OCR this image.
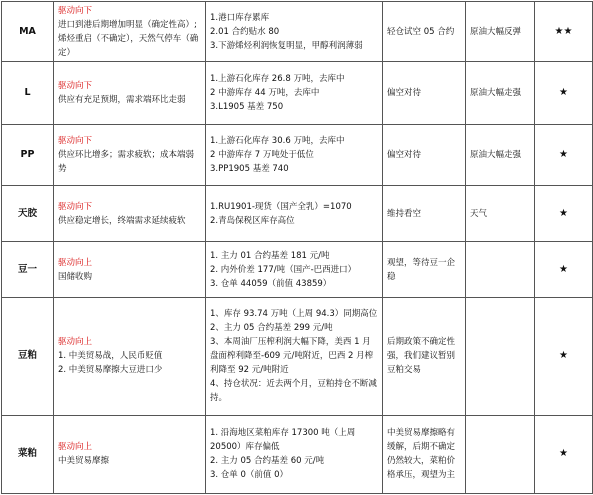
MA	驱动向下
进口到港后期增加明显（确定性高）;
烯烃重启（不确定），天然气停车（确定）	1.港口库存累库
2.01 合约贴水 80
3.下游烯烃利润恢复明显，甲醇利润薄弱	轻仓试空 05 合约	原油大幅反弹	★★
L	驱动向下
供应有充足预期，需求端环比走弱	1.上游石化库存 26.8 万吨，去库中
2 中游库存 44 万吨，去库中
3.L1905 基差 750	偏空对待	原油大幅走强	★
PP	驱动向下
供应环比增多；需求疲软；成本端弱势	1.上游石化库存 30.6 万吨，去库中
2 中游库存 7 万吨处于低位
3.PP1905 基差 740	偏空对待	原油大幅走强	★
天胶	驱动向下
供应稳定增长，终端需求延续疲软	1.RU1901-现货（国产全乳）=1070
2.青岛保税区库存高位	维持看空	天气	★
豆一	驱动向上
国储收购	1. 主力 01 合约基差 181 元/吨
2. 内外价差 177/吨（国产-巴西进口）
3. 仓单 44059（前值 43859）	观望，等待豆一企稳		★
豆粕	驱动向上
1. 中美贸易战，人民币贬值
2. 中美贸易摩擦大豆进口少	1、库存 93.74 万吨（上周 94.3）同期高位
2、主力 05 合约基差 299 元/吨
3、本周油厂压榨利润大幅下降，美西 1 月盘面榨利降至-609 元/吨附近，巴西 2 月榨利降至 92 元/吨附近
4、持仓状况：近去两个月，豆粕持仓不断减持。	后期政策不确定性强，我们建议暂别豆粕交易		★
菜粕	驱动向上
中美贸易摩擦	1. 沿海地区菜粕库存 17300 吨（上周 20500）库存偏低
2. 主力 05 合约基差 60 元/吨
3. 仓单 0（前值 0）	中美贸易摩擦略有缓解，后期不确定仍然较大，菜粕价格承压，观望为主		★
